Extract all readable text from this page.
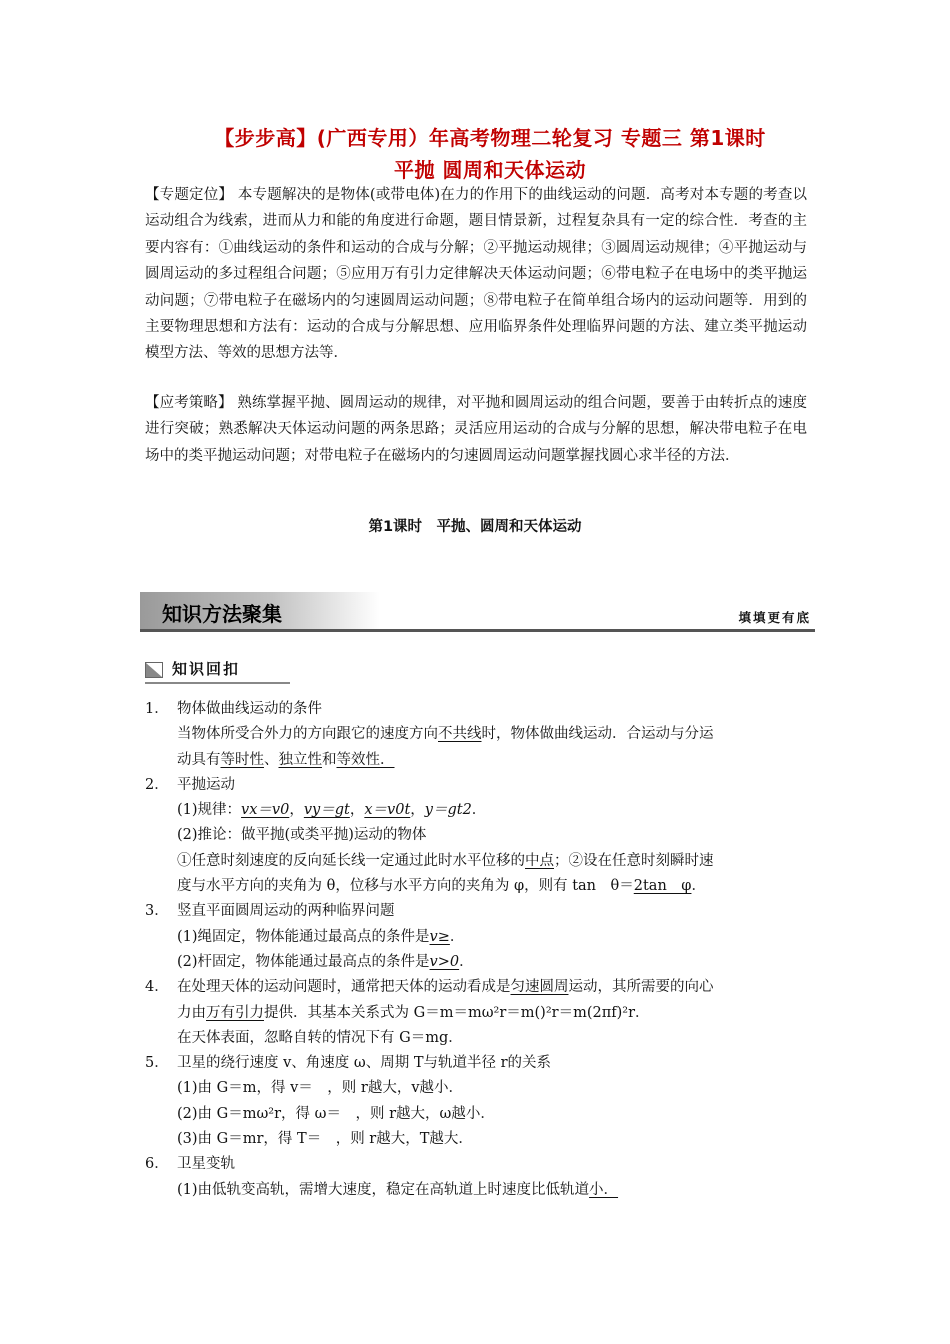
【步步高】(广西专用）年高考物理二轮复习 专题三 第1课时
平抛 圆周和天体运动
【专题定位】 本专题解决的是物体(或带电体)在力的作用下的曲线运动的问题．高考对本专题的考查以运动组合为线索，进而从力和能的角度进行命题，题目情景新，过程复杂具有一定的综合性．考查的主要内容有：①曲线运动的条件和运动的合成与分解；②平抛运动规律；③圆周运动规律；④平抛运动与圆周运动的多过程组合问题；⑤应用万有引力定律解决天体运动问题；⑥带电粒子在电场中的类平抛运动问题；⑦带电粒子在磁场内的匀速圆周运动问题；⑧带电粒子在简单组合场内的运动问题等．用到的主要物理思想和方法有：运动的合成与分解思想、应用临界条件处理临界问题的方法、建立类平抛运动模型方法、等效的思想方法等．
【应考策略】 熟练掌握平抛、圆周运动的规律，对平抛和圆周运动的组合问题，要善于由转折点的速度进行突破；熟悉解决天体运动问题的两条思路；灵活应用运动的合成与分解的思想，解决带电粒子在电场中的类平抛运动问题；对带电粒子在磁场内的匀速圆周运动问题掌握找圆心求半径的方法．
第1课时　平抛、圆周和天体运动
知识方法聚集	填填更有底
知识回扣
1． 物体做曲线运动的条件
当物体所受合外力的方向跟它的速度方向不共线时，物体做曲线运动．合运动与分运
动具有等时性、独立性和等效性．
2． 平抛运动
(1)规律：vx＝v0，vy＝gt，x＝v0t，y＝gt2．
(2)推论：做平抛(或类平抛)运动的物体
①任意时刻速度的反向延长线一定通过此时水平位移的中点；②设在任意时刻瞬时速
度与水平方向的夹角为 θ，位移与水平方向的夹角为 φ，则有 tan　θ＝2tan　φ．
3． 竖直平面圆周运动的两种临界问题
(1)绳固定，物体能通过最高点的条件是v≥．
(2)杆固定，物体能通过最高点的条件是v>0．
4． 在处理天体的运动问题时，通常把天体的运动看成是匀速圆周运动，其所需要的向心
力由万有引力提供．其基本关系式为 G＝m＝mω²r＝m()²r＝m(2πf)²r．
在天体表面，忽略自转的情况下有 G＝mg．
5． 卫星的绕行速度 v、角速度 ω、周期 T与轨道半径 r的关系
(1)由 G＝m，得 v＝　，则 r越大，v越小．
(2)由 G＝mω²r，得 ω＝　，则 r越大，ω越小．
(3)由 G＝mr，得 T＝　，则 r越大，T越大．
6． 卫星变轨
(1)由低轨变高轨，需增大速度，稳定在高轨道上时速度比低轨道小．
